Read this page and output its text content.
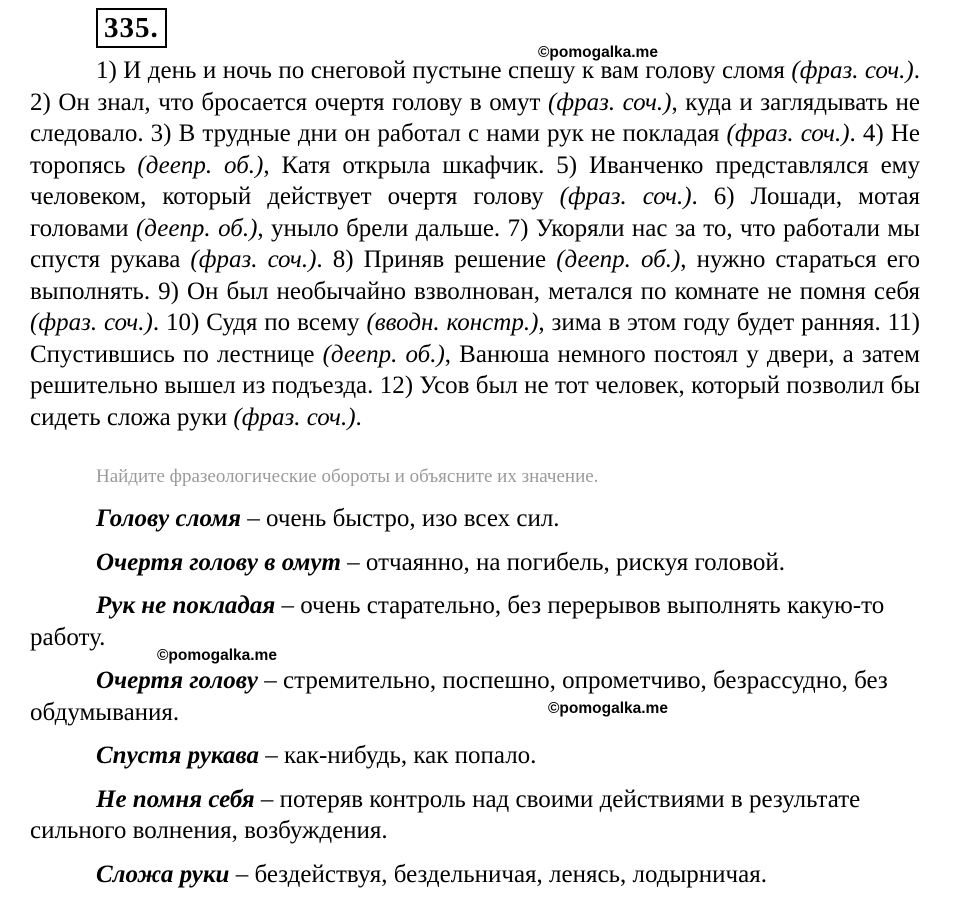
335.
©pomogalka.me

1) И день и ночь по снеговой пустыне спешу к вам голову сломя (фраз. соч.). 2) Он знал, что бросается очертя голову в омут (фраз. соч.), куда и заглядывать не следовало. 3) В трудные дни он работал с нами рук не покладая (фраз. соч.). 4) Не торопясь (деепр. об.), Катя открыла шкафчик. 5) Иванченко представлялся ему человеком, который действует очертя голову (фраз. соч.). 6) Лошади, мотая головами (деепр. об.), уныло брели дальше. 7) Укоряли нас за то, что работали мы спустя рукава (фраз. соч.). 8) Приняв решение (деепр. об.), нужно стараться его выполнять. 9) Он был необычайно взволнован, метался по комнате не помня себя (фраз. соч.). 10) Судя по всему (вводн. констр.), зима в этом году будет ранняя. 11) Спустившись по лестнице (деепр. об.), Ванюша немного постоял у двери, а затем решительно вышел из подъезда. 12) Усов был не тот человек, который позволил бы сидеть сложа руки (фраз. соч.).

Найдите фразеологические обороты и объясните их значение.
Голову сломя – очень быстро, изо всех сил.
Очертя голову в омут – отчаянно, на погибель, рискуя головой.
Рук не покладая – очень старательно, без перерывов выполнять какую-то работу.
Очертя голову – стремительно, поспешно, опрометчиво, безрассудно, без обдумывания.
Спустя рукава – как-нибудь, как попало.
Не помня себя – потеряв контроль над своими действиями в результате сильного волнения, возбуждения.
Сложа руки – бездействуя, бездельничая, ленясь, лодырничая.
©pomogalka.me
©pomogalka.me
